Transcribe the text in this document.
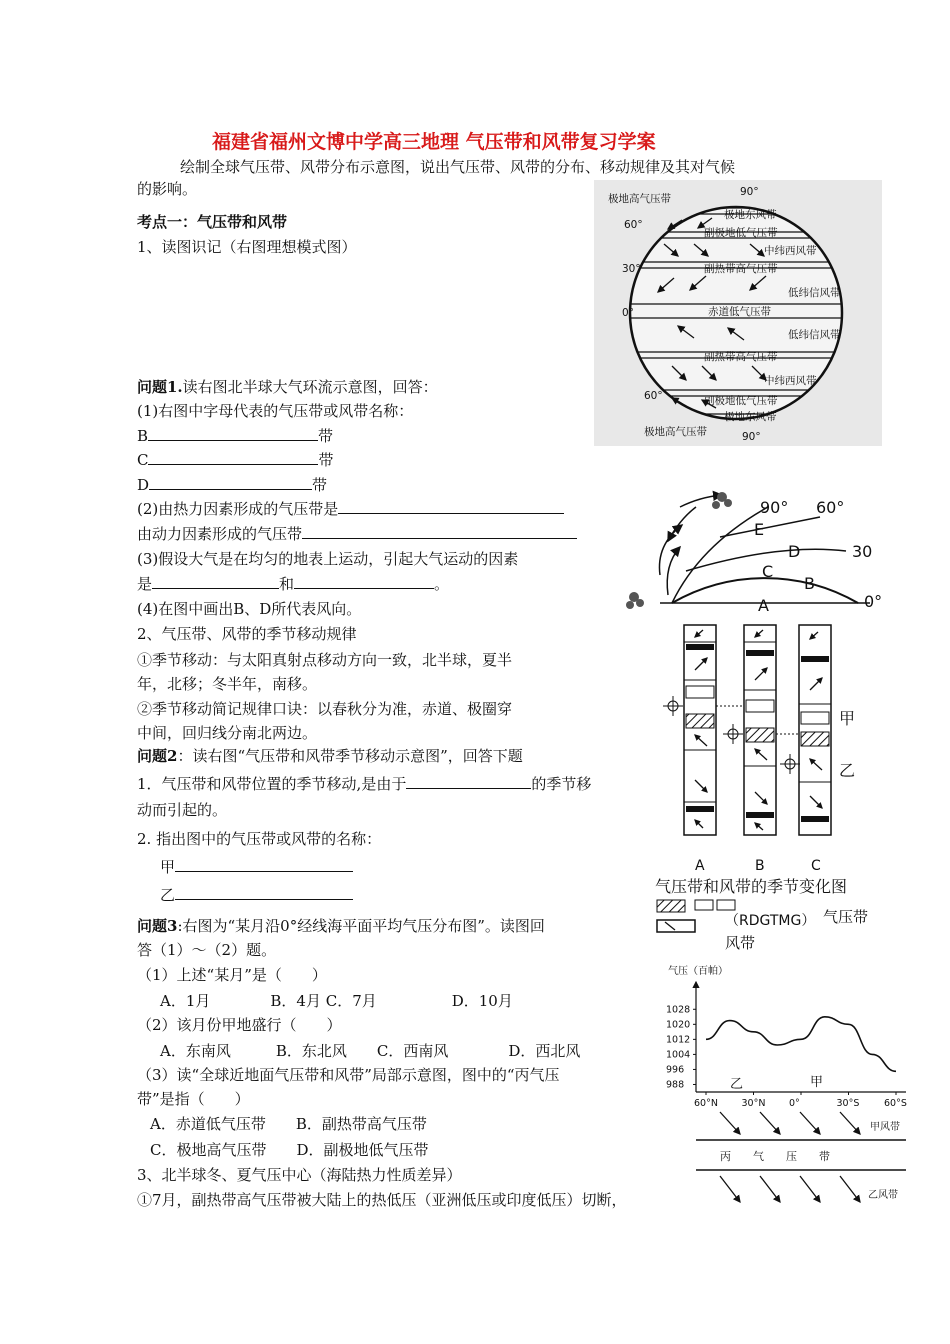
福建省福州文博中学高三地理 气压带和风带复习学案
绘制全球气压带、风带分布示意图，说出气压带、风带的分布、移动规律及其对气候
的影响。
考点一：气压带和风带
1、读图识记（右图理想模式图）
问题1.读右图北半球大气环流示意图，回答：
(1)右图中字母代表的气压带或风带名称：
B	带
C	带
D	带
(2)由热力因素形成的气压带是
由动力因素形成的气压带
(3)假设大气是在均匀的地表上运动，引起大气运动的因素
是	和	。
(4)在图中画出B、D所代表风向。
2、气压带、风带的季节移动规律
①季节移动：与太阳真射点移动方向一致，北半球，夏半
年，北移；冬半年，南移。
②季节移动简记规律口诀：以春秋分为准，赤道、极圈穿
中间，回归线分南北两边。
问题2：读右图“气压带和风带季节移动示意图”，回答下题
1．气压带和风带位置的季节移动,是由于	的季节移
动而引起的。
2. 指出图中的气压带或风带的名称：
甲
乙
问题3:右图为“某月沿0°经线海平面平均气压分布图”。读图回
答（1）～（2）题。
（1）上述“某月”是（　　）
A．1月　　　　B．4月 C．7月　　　　　D．10月
（2）该月份甲地盛行（　　）
A．东南风　　　B．东北风　　C．西南风　　　　D．西北风
（3）读“全球近地面气压带和风带”局部示意图，图中的“丙气压
带”是指（　　）
A．赤道低气压带　　B．副热带高气压带
C．极地高气压带　　D．副极地低气压带
3、北半球冬、夏气压中心（海陆热力性质差异）
①7月，副热带高气压带被大陆上的热低压（亚洲低压或印度低压）切断，
极地高气压带
90°
60°
30°
0°
60°
90°
极地东风带
副极地低气压带
中纬西风带
副热带高气压带
低纬信风带
赤道低气压带
低纬信风带
副热带高气压带
中纬西风带
副极地低气压带
极地东风带
极地高气压带
90° 60°
30
0°
A
B
C
D
E
甲
乙
A	B	C
气压带和风带的季节变化图
（RDGTMG） 气压带
风带
气压（百帕）
1028
1020
1012
1004
996
988
60°N 30°N 0°	30°S	60°S
乙	甲
甲风带
丙　　气　　压　　带
乙风带
